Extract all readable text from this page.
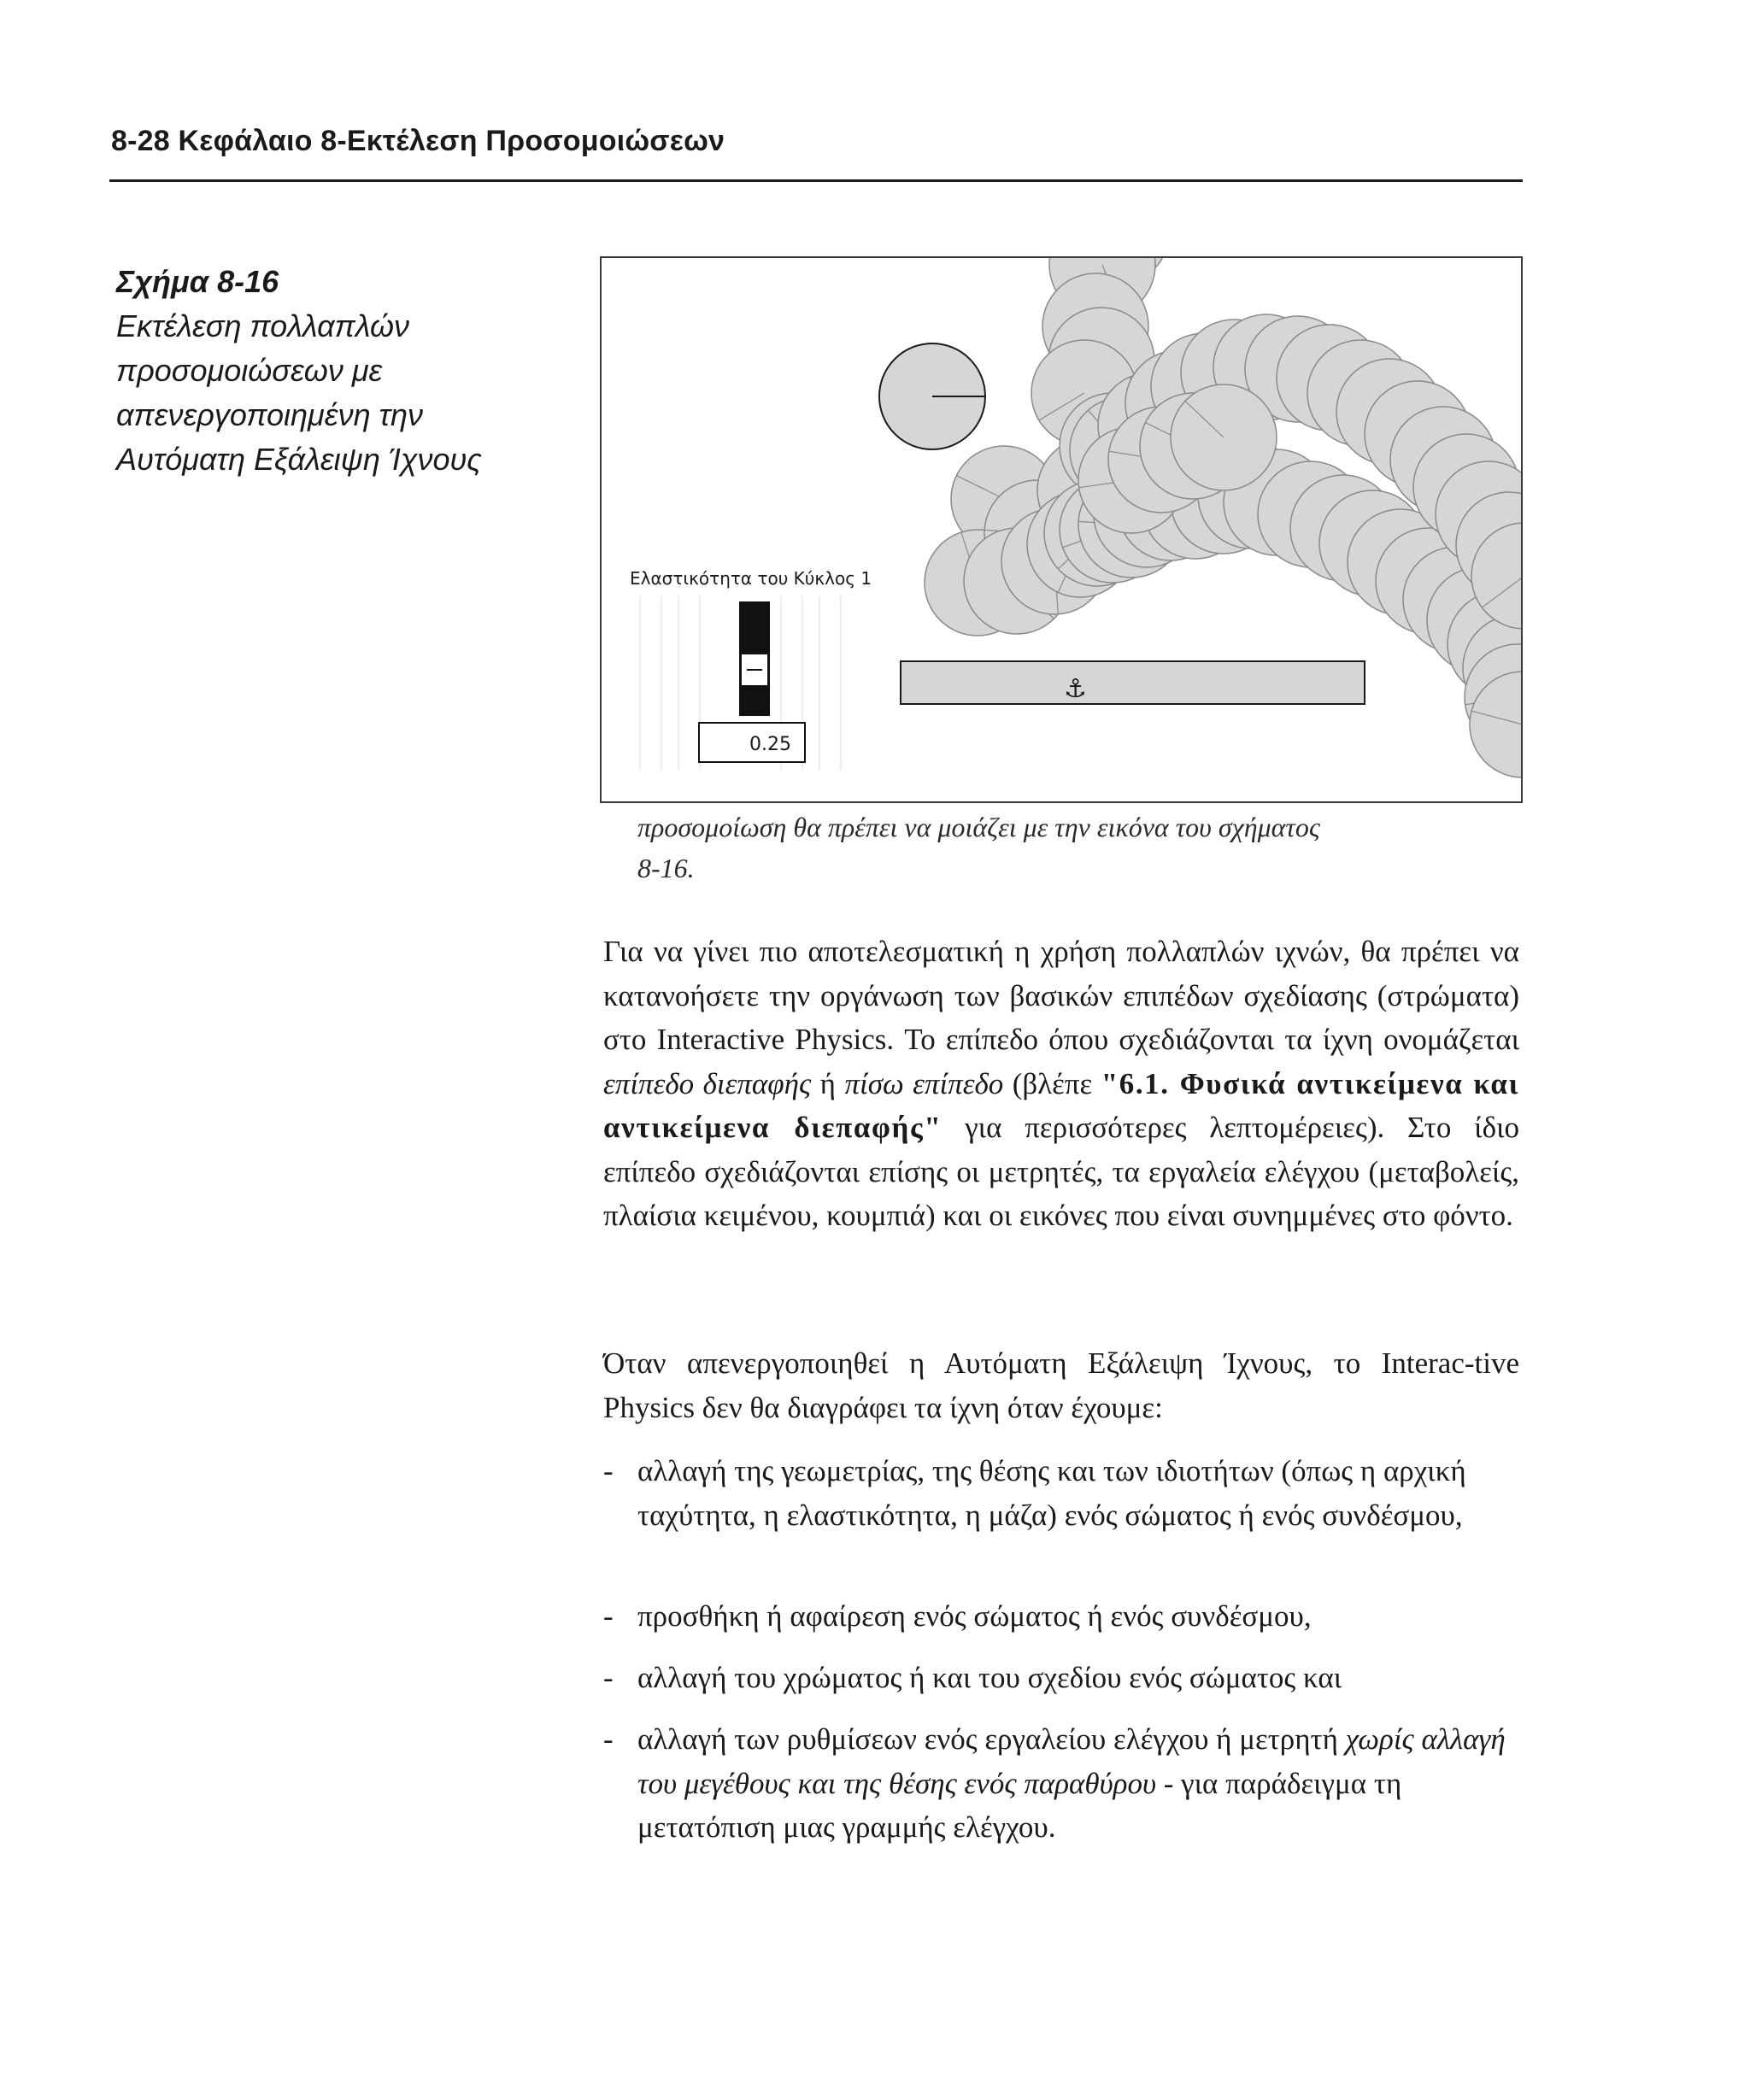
8-28 Κεφάλαιο 8-Εκτέλεση Προσομοιώσεων
Σχήμα 8-16
Εκτέλεση πολλαπλών
προσομοιώσεων με
απενεργοποιημένη την
Αυτόματη Εξάλειψη Ίχνους
⚓
Ελαστικότητα του Κύκλος 1
0.25
προσομοίωση θα πρέπει να μοιάζει με την εικόνα του σχήματος
8-16.
Για να γίνει πιο αποτελεσματική η χρήση πολλαπλών ιχνών, θα πρέπει να κατανοήσετε την οργάνωση των βασικών επιπέδων σχεδίασης (στρώματα) στο Interactive Physics. Το επίπεδο όπου σχεδιάζονται τα ίχνη ονομάζεται επίπεδο διεπαφής ή πίσω επίπεδο (βλέπε "6.1. Φυσικά αντικείμενα και αντικείμενα διεπαφής" για περισσότερες λεπτομέρειες). Στο ίδιο επίπεδο σχεδιάζονται επίσης οι μετρητές, τα εργαλεία ελέγχου (μεταβολείς, πλαίσια κειμένου, κουμπιά) και οι εικόνες που είναι συνημμένες στο φόντο.
Όταν απενεργοποιηθεί η Αυτόματη Εξάλειψη Ίχνους, το Interac-tive Physics δεν θα διαγράφει τα ίχνη όταν έχουμε:
- αλλαγή της γεωμετρίας, της θέσης και των ιδιοτήτων (όπως η αρχική ταχύτητα, η ελαστικότητα, η μάζα) ενός σώματος ή ενός συνδέσμου,
- προσθήκη ή αφαίρεση ενός σώματος ή ενός συνδέσμου,
- αλλαγή του χρώματος ή και του σχεδίου ενός σώματος και
- αλλαγή των ρυθμίσεων ενός εργαλείου ελέγχου ή μετρητή χωρίς αλλαγή του μεγέθους και της θέσης ενός παραθύρου - για παράδειγμα τη μετατόπιση μιας γραμμής ελέγχου.
